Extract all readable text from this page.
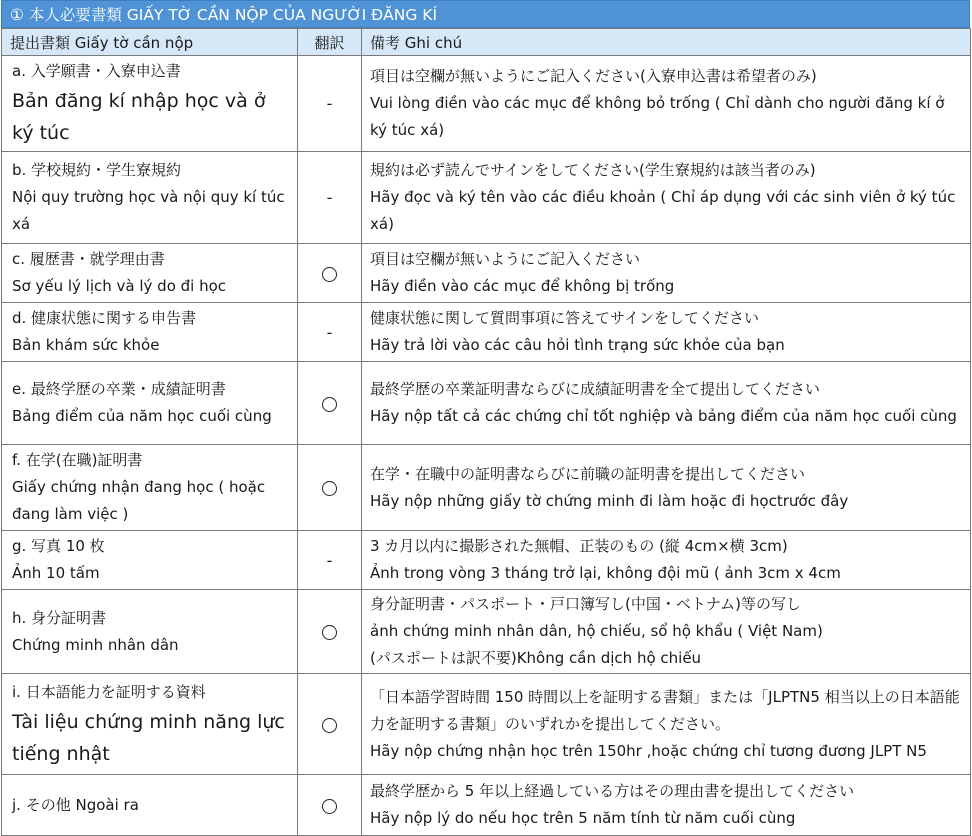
① 本人必要書類 GIẤY TỜ CẦN NỘP CỦA NGƯỜI ĐĂNG KÍ
提出書類 Giấy tờ cần nộp	翻訳	備考 Ghi chú

a. 入学願書・入寮申込書
Bản đăng kí nhập học và ở ký túc	-	項目は空欄が無いようにご記入ください(入寮申込書は希望者のみ)
Vui lòng điền vào các mục để không bỏ trống ( Chỉ dành cho người đăng kí ở ký túc xá)

b. 学校規約・学生寮規約
Nội quy trường học và nội quy kí túc xá	-	規約は必ず読んでサインをしてください(学生寮規約は該当者のみ)
Hãy đọc và ký tên vào các điều khoản ( Chỉ áp dụng với các sinh viên ở ký túc xá)

c. 履歴書・就学理由書
Sơ yếu lý lịch và lý do đi học		項目は空欄が無いようにご記入ください
Hãy điền vào các mục để không bị trống

d. 健康状態に関する申告書
Bản khám sức khỏe	-	健康状態に関して質問事項に答えてサインをしてください
Hãy trả lời vào các câu hỏi tình trạng sức khỏe của bạn

e. 最終学歴の卒業・成績証明書
Bảng điểm của năm học cuối cùng		最終学歴の卒業証明書ならびに成績証明書を全て提出してください
Hãy nộp tất cả các chứng chỉ tốt nghiệp và bảng điểm của năm học cuối cùng

f. 在学(在職)証明書
Giấy chứng nhận đang học ( hoặc đang làm việc )		在学・在職中の証明書ならびに前職の証明書を提出してください
Hãy nộp những giấy tờ chứng minh đi làm hoặc đi họctrước đây

g. 写真 10 枚
Ảnh 10 tấm	-	3 カ月以内に撮影された無帽、正装のもの (縦 4cm×横 3cm)
Ảnh trong vòng 3 tháng trở lại, không đội mũ ( ảnh 3cm x 4cm

h. 身分証明書
Chứng minh nhân dân		身分証明書・パスポート・戸口簿写し(中国・ベトナム)等の写し
ảnh chứng minh nhân dân, hộ chiếu, sổ hộ khẩu ( Việt Nam)
(パスポートは訳不要)Không cần dịch hộ chiếu

i. 日本語能力を証明する資料
Tài liệu chứng minh năng lực tiếng nhật		「日本語学習時間 150 時間以上を証明する書類」または「JLPTN5 相当以上の日本語能力を証明する書類」のいずれかを提出してください。
Hãy nộp chứng nhận học trên 150hr ,hoặc chứng chỉ tương đương JLPT N5

j. その他 Ngoài ra		最終学歴から 5 年以上経過している方はその理由書を提出してください
Hãy nộp lý do nếu học trên 5 năm tính từ năm cuối cùng
